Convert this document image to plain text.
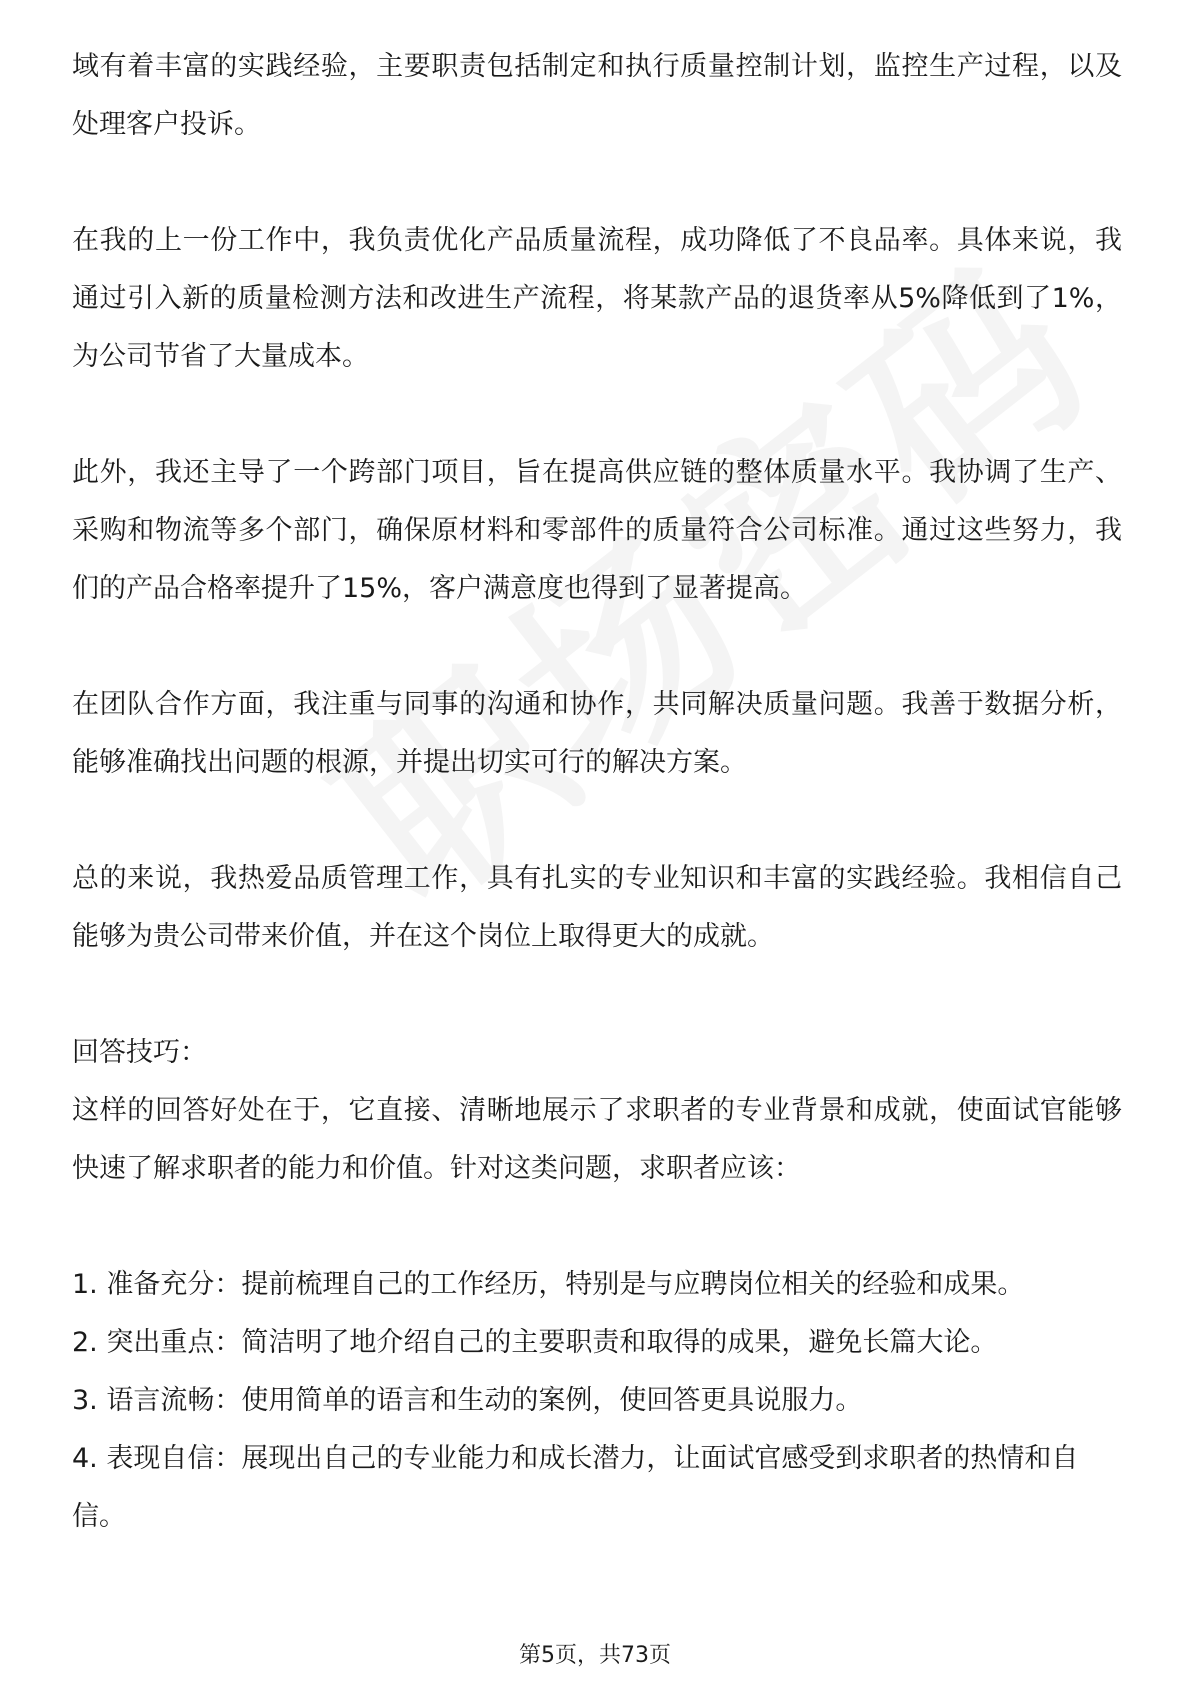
域有着丰富的实践经验，主要职责包括制定和执行质量控制计划，监控生产过程，以及处理客户投诉。

在我的上一份工作中，我负责优化产品质量流程，成功降低了不良品率。具体来说，我通过引入新的质量检测方法和改进生产流程，将某款产品的退货率从5%降低到了1%，为公司节省了大量成本。

此外，我还主导了一个跨部门项目，旨在提高供应链的整体质量水平。我协调了生产、采购和物流等多个部门，确保原材料和零部件的质量符合公司标准。通过这些努力，我们的产品合格率提升了15%，客户满意度也得到了显著提高。

在团队合作方面，我注重与同事的沟通和协作，共同解决质量问题。我善于数据分析，能够准确找出问题的根源，并提出切实可行的解决方案。

总的来说，我热爱品质管理工作，具有扎实的专业知识和丰富的实践经验。我相信自己能够为贵公司带来价值，并在这个岗位上取得更大的成就。

回答技巧：

这样的回答好处在于，它直接、清晰地展示了求职者的专业背景和成就，使面试官能够快速了解求职者的能力和价值。针对这类问题，求职者应该：

1. 准备充分：提前梳理自己的工作经历，特别是与应聘岗位相关的经验和成果。

2. 突出重点：简洁明了地介绍自己的主要职责和取得的成果，避免长篇大论。

3. 语言流畅：使用简单的语言和生动的案例，使回答更具说服力。

4. 表现自信：展现出自己的专业能力和成长潜力，让面试官感受到求职者的热情和自信。

第5页，共73页
